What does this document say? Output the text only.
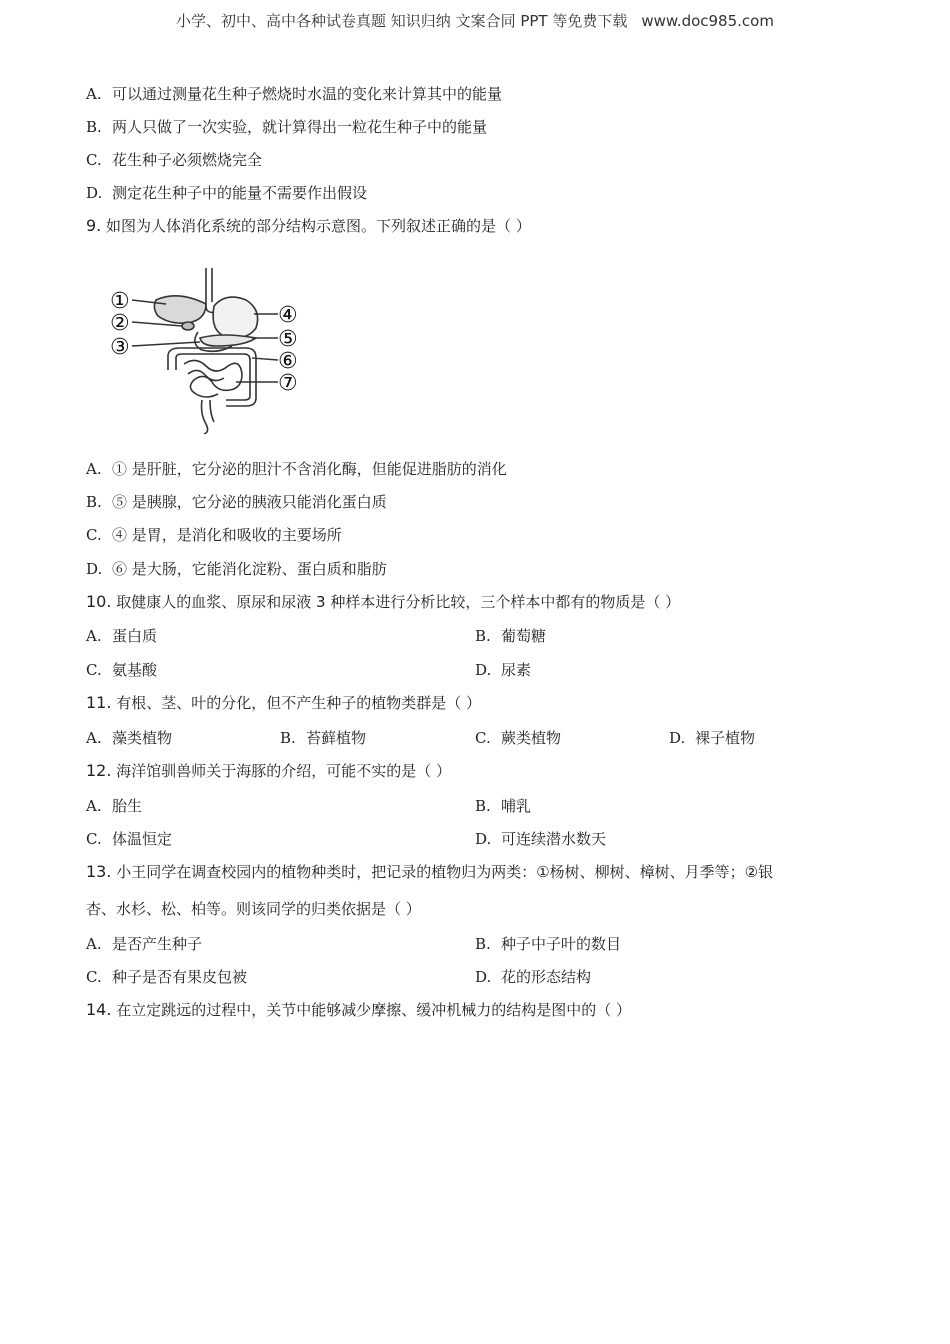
小学、初中、高中各种试卷真题 知识归纳 文案合同 PPT 等免费下载 www.doc985.com
A. 可以通过测量花生种子燃烧时水温的变化来计算其中的能量
B. 两人只做了一次实验，就计算得出一粒花生种子中的能量
C. 花生种子必须燃烧完全
D. 测定花生种子中的能量不需要作出假设
9. 如图为人体消化系统的部分结构示意图。下列叙述正确的是（ ）
①
②
③
④
⑤
⑥
⑦
A. ① 是肝脏，它分泌的胆汁不含消化酶，但能促进脂肪的消化
B. ⑤ 是胰腺，它分泌的胰液只能消化蛋白质
C. ④ 是胃，是消化和吸收的主要场所
D. ⑥ 是大肠，它能消化淀粉、蛋白质和脂肪
10. 取健康人的血浆、原尿和尿液 3 种样本进行分析比较，三个样本中都有的物质是（ ）
A. 蛋白质	B. 葡萄糖
C. 氨基酸	D. 尿素
11. 有根、茎、叶的分化，但不产生种子的植物类群是（ ）
A. 藻类植物	B. 苔藓植物	C. 蕨类植物	D. 裸子植物
12. 海洋馆驯兽师关于海豚的介绍，可能不实的是（ ）
A. 胎生	B. 哺乳
C. 体温恒定	D. 可连续潜水数天
13. 小王同学在调查校园内的植物种类时，把记录的植物归为两类：①杨树、柳树、樟树、月季等；②银
杏、水杉、松、柏等。则该同学的归类依据是（ ）
A. 是否产生种子	B. 种子中子叶的数目
C. 种子是否有果皮包被	D. 花的形态结构
14. 在立定跳远的过程中，关节中能够减少摩擦、缓冲机械力的结构是图中的（ ）
